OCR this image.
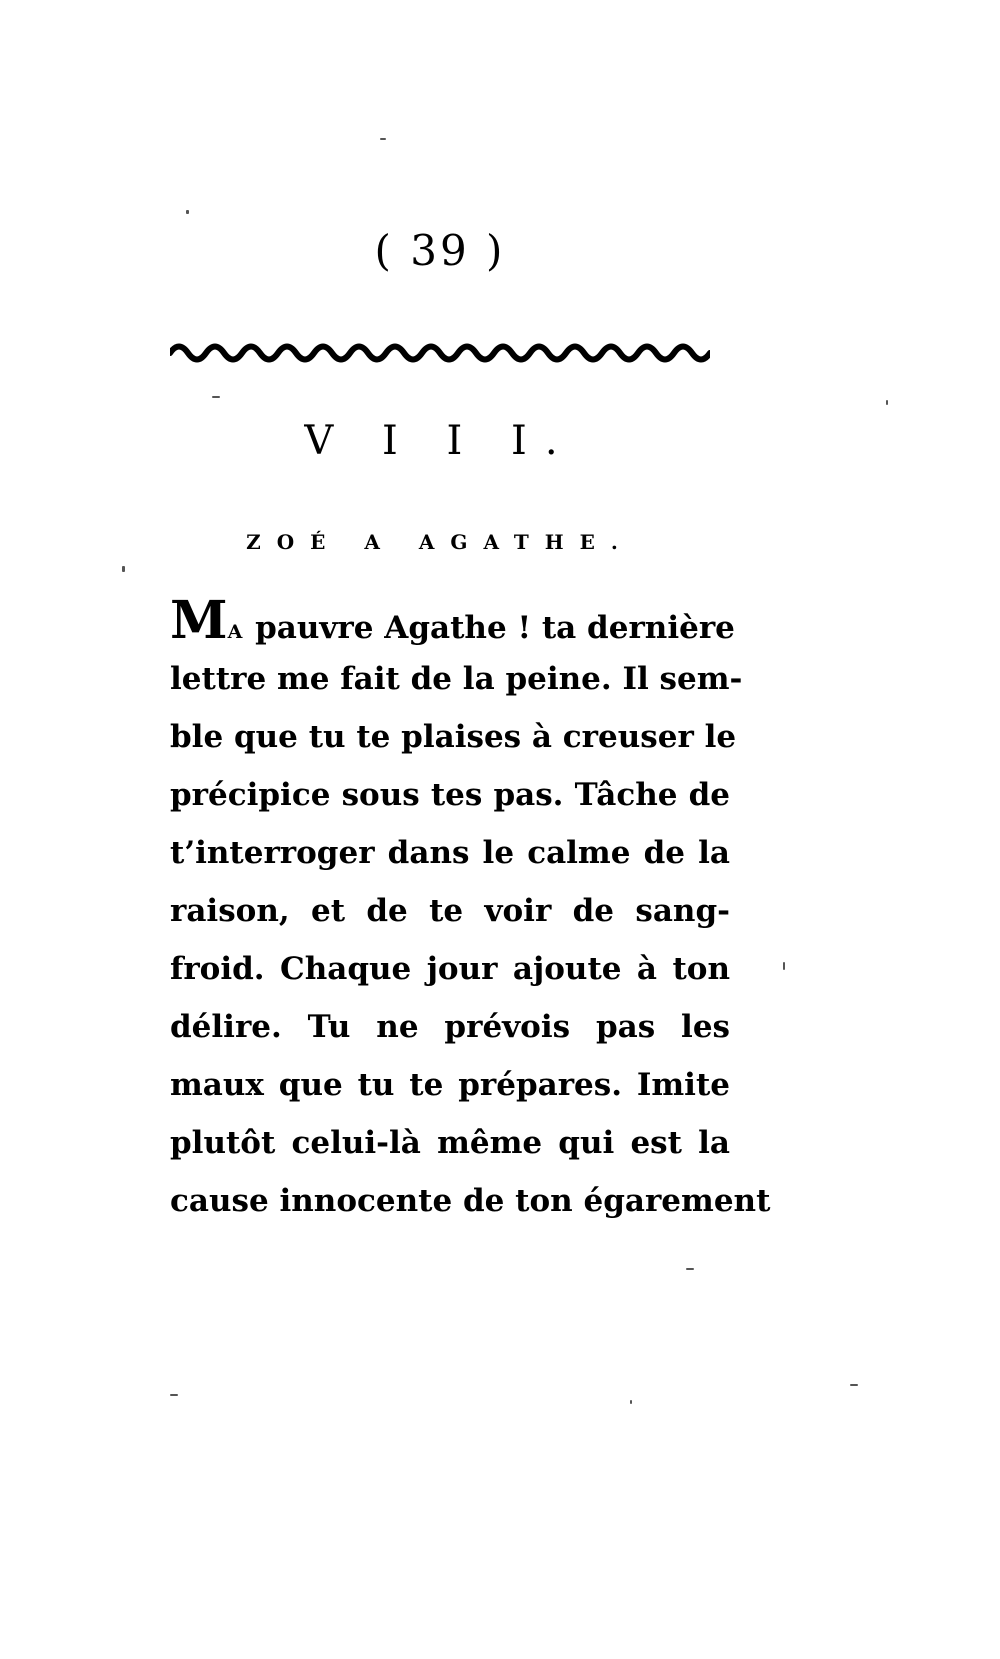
( 39 )
V I I I.
ZOÉ A AGATHE.
MA pauvre Agathe ! ta dernière
lettre me fait de la peine. Il sem-
ble que tu te plaises à creuser le
précipice sous tes pas. Tâche de
t’interroger dans le calme de la
raison, et de te voir de sang-
froid. Chaque jour ajoute à ton
délire. Tu ne prévois pas les
maux que tu te prépares. Imite
plutôt celui-là même qui est la
cause innocente de ton égarement
